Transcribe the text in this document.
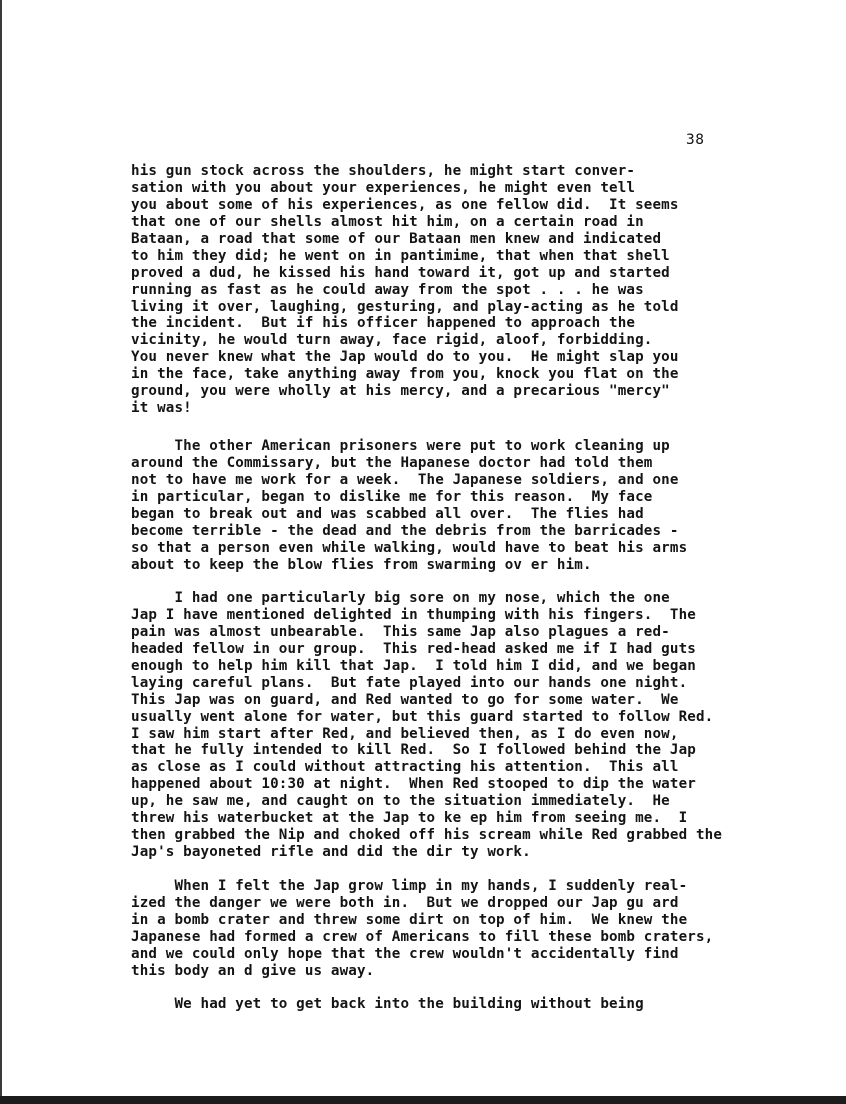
38
his gun stock across the shoulders, he might start conver-
sation with you about your experiences, he might even tell
you about some of his experiences, as one fellow did.  It seems
that one of our shells almost hit him, on a certain road in
Bataan, a road that some of our Bataan men knew and indicated
to him they did; he went on in pantimime, that when that shell
proved a dud, he kissed his hand toward it, got up and started
running as fast as he could away from the spot . . . he was
living it over, laughing, gesturing, and play-acting as he told
the incident.  But if his officer happened to approach the
vicinity, he would turn away, face rigid, aloof, forbidding.
You never knew what the Jap would do to you.  He might slap you
in the face, take anything away from you, knock you flat on the
ground, you were wholly at his mercy, and a precarious "mercy"
it was!
The other American prisoners were put to work cleaning up
around the Commissary, but the Hapanese doctor had told them
not to have me work for a week.  The Japanese soldiers, and one
in particular, began to dislike me for this reason.  My face
began to break out and was scabbed all over.  The flies had
become terrible - the dead and the debris from the barricades -
so that a person even while walking, would have to beat his arms
about to keep the blow flies from swarming ov er him.
I had one particularly big sore on my nose, which the one
Jap I have mentioned delighted in thumping with his fingers.  The
pain was almost unbearable.  This same Jap also plagues a red-
headed fellow in our group.  This red-head asked me if I had guts
enough to help him kill that Jap.  I told him I did, and we began
laying careful plans.  But fate played into our hands one night.
This Jap was on guard, and Red wanted to go for some water.  We
usually went alone for water, but this guard started to follow Red.
I saw him start after Red, and believed then, as I do even now,
that he fully intended to kill Red.  So I followed behind the Jap
as close as I could without attracting his attention.  This all
happened about 10:30 at night.  When Red stooped to dip the water
up, he saw me, and caught on to the situation immediately.  He
threw his waterbucket at the Jap to ke ep him from seeing me.  I
then grabbed the Nip and choked off his scream while Red grabbed the
Jap's bayoneted rifle and did the dir ty work.
When I felt the Jap grow limp in my hands, I suddenly real-
ized the danger we were both in.  But we dropped our Jap gu ard
in a bomb crater and threw some dirt on top of him.  We knew the
Japanese had formed a crew of Americans to fill these bomb craters,
and we could only hope that the crew wouldn't accidentally find
this body an d give us away.
We had yet to get back into the building without being
